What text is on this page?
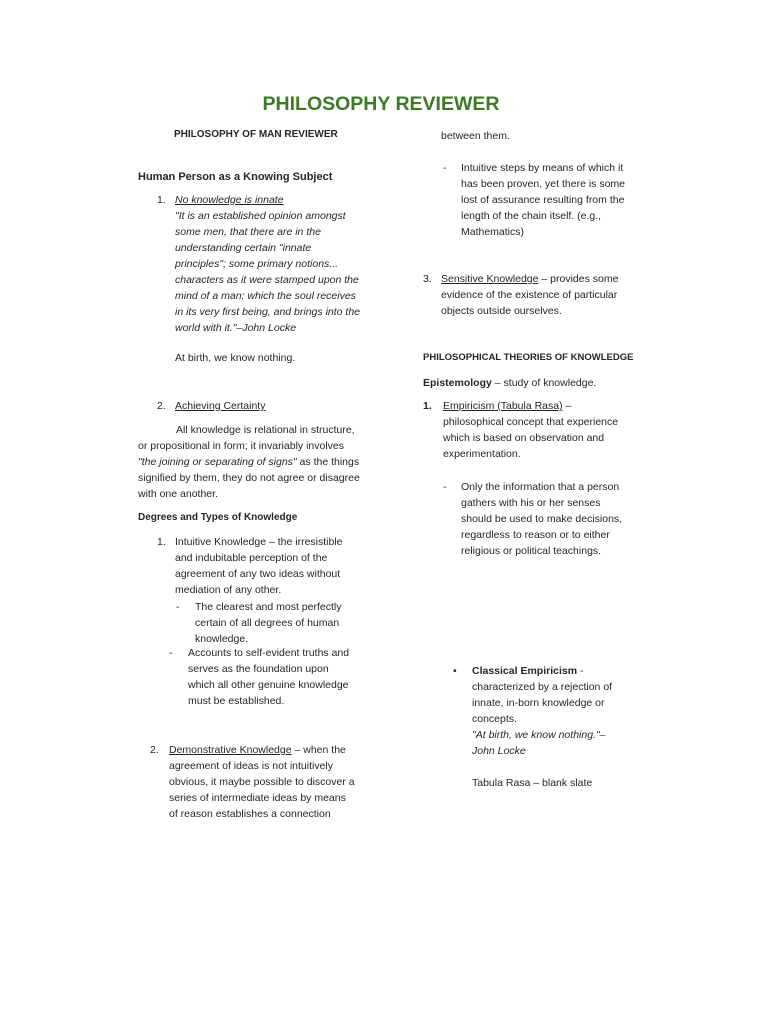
PHILOSOPHY REVIEWER
PHILOSOPHY OF MAN REVIEWER
Human Person as a Knowing Subject
1. No knowledge is innate

"It is an established opinion amongst

some men, that there are in the

understanding certain "innate

principles"; some primary notions...

characters as it were stamped upon the

mind of a man; which the soul receives

in its very first being, and brings into the

world with it."–John Locke

At birth, we know nothing.
2. Achieving Certainty

All knowledge is relational in structure,

or propositional in form; it invariably involves

"the joining or separating of signs" as the things

signified by them, they do not agree or disagree

with one another.

Degrees and Types of Knowledge
1. Intuitive Knowledge – the irresistible

and indubitable perception of the

agreement of any two ideas without

mediation of any other.

- The clearest and most perfectly

certain of all degrees of human

knowledge.

- Accounts to self-evident truths and

serves as the foundation upon

which all other genuine knowledge

must be established.

2. Demonstrative Knowledge – when the

agreement of ideas is not intuitively

obvious, it maybe possible to discover a

series of intermediate ideas by means

of reason establishes a connection

between them.
- Intuitive steps by means of which it

has been proven, yet there is some

lost of assurance resulting from the

length of the chain itself. (e.g.,

Mathematics)

3. Sensitive Knowledge – provides some

evidence of the existence of particular

objects outside ourselves.

PHILOSOPHICAL THEORIES OF KNOWLEDGE
Epistemology – study of knowledge.
1. Empiricism (Tabula Rasa) –

philosophical concept that experience

which is based on observation and

experimentation.

- Only the information that a person

gathers with his or her senses

should be used to make decisions,

regardless to reason or to either

religious or political teachings.

• Classical Empiricism -

characterized by a rejection of

innate, in-born knowledge or

concepts.

"At birth, we know nothing."–

John Locke

Tabula Rasa – blank slate
